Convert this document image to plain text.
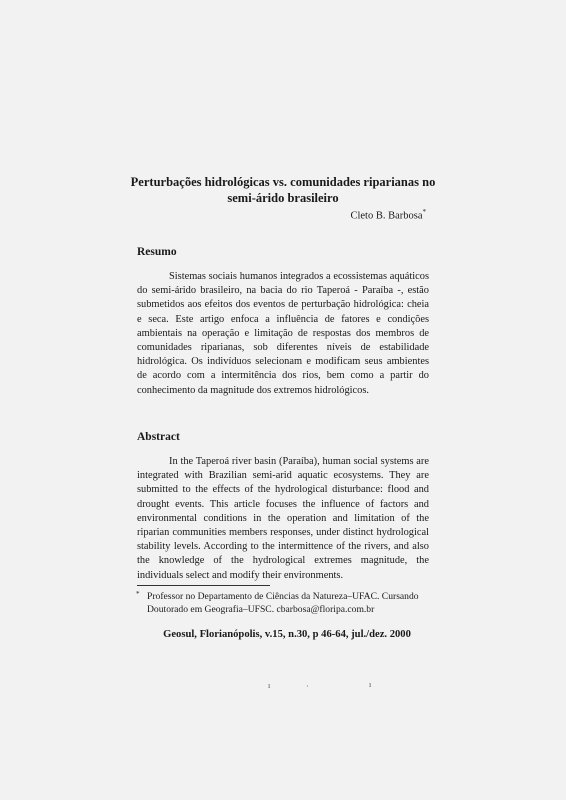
Perturbações hidrológicas vs. comunidades riparianas no
semi-árido brasileiro
Cleto B. Barbosa*
Resumo

Sistemas sociais humanos integrados a ecossistemas aquáticos do semi-árido brasileiro, na bacia do rio Taperoá - Paraíba -, estão submetidos aos efeitos dos eventos de perturbação hidrológica: cheia e seca. Este artigo enfoca a influência de fatores e condições ambientais na operação e limitação de respostas dos membros de comunidades riparianas, sob diferentes níveis de estabilidade hidrológica. Os indivíduos selecionam e modificam seus ambientes de acordo com a intermitência dos rios, bem como a partir do conhecimento da magnitude dos extremos hidrológicos.

Abstract

In the Taperoá river basin (Paraíba), human social systems are integrated with Brazilian semi-arid aquatic ecosystems. They are submitted to the effects of the hydrological disturbance: flood and drought events. This article focuses the influence of factors and environmental conditions in the operation and limitation of the riparian communities members responses, under distinct hydrological stability levels. According to the intermittence of the rivers, and also the knowledge of the hydrological extremes magnitude, the individuals select and modify their environments.

* Professor no Departamento de Ciências da Natureza–UFAC. Cursando

Doutorado em Geografia–UFSC. cbarbosa@floripa.com.br

Geosul, Florianópolis, v.15, n.30, p 46-64, jul./dez. 2000
ı	·	ı
